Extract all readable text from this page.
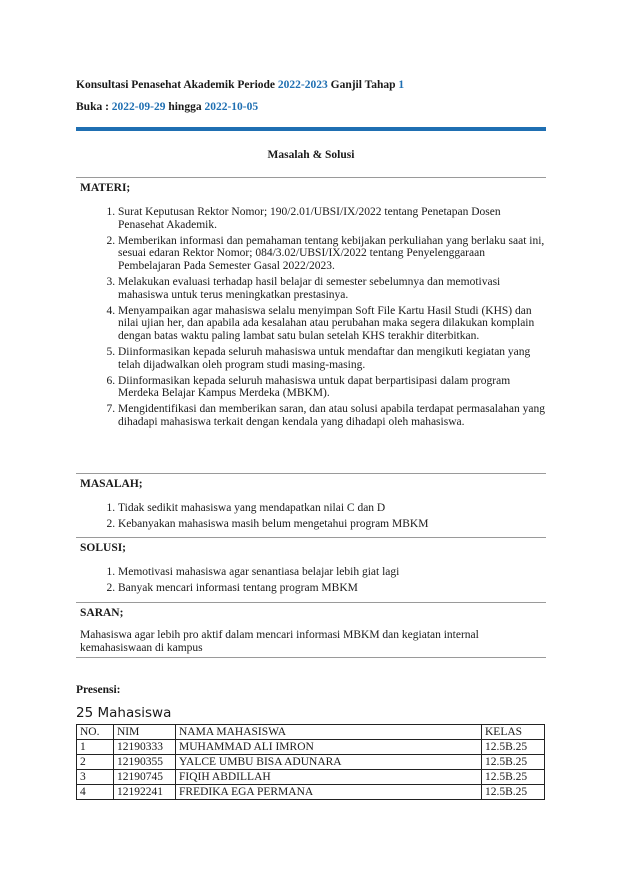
Konsultasi Penasehat Akademik Periode 2022-2023 Ganjil Tahap 1
Buka : 2022-09-29 hingga 2022-10-05
Masalah & Solusi
MATERI;
1. Surat Keputusan Rektor Nomor; 190/2.01/UBSI/IX/2022 tentang Penetapan Dosen Penasehat Akademik.
2. Memberikan informasi dan pemahaman tentang kebijakan perkuliahan yang berlaku saat ini, sesuai edaran Rektor Nomor; 084/3.02/UBSI/IX/2022 tentang Penyelenggaraan Pembelajaran Pada Semester Gasal 2022/2023.
3. Melakukan evaluasi terhadap hasil belajar di semester sebelumnya dan memotivasi mahasiswa untuk terus meningkatkan prestasinya.
4. Menyampaikan agar mahasiswa selalu menyimpan Soft File Kartu Hasil Studi (KHS) dan nilai ujian her, dan apabila ada kesalahan atau perubahan maka segera dilakukan komplain dengan batas waktu paling lambat satu bulan setelah KHS terakhir diterbitkan.
5. Diinformasikan kepada seluruh mahasiswa untuk mendaftar dan mengikuti kegiatan yang telah dijadwalkan oleh program studi masing-masing.
6. Diinformasikan kepada seluruh mahasiswa untuk dapat berpartisipasi dalam program Merdeka Belajar Kampus Merdeka (MBKM).
7. Mengidentifikasi dan memberikan saran, dan atau solusi apabila terdapat permasalahan yang dihadapi mahasiswa terkait dengan kendala yang dihadapi oleh mahasiswa.
MASALAH;
1. Tidak sedikit mahasiswa yang mendapatkan nilai C dan D
2. Kebanyakan mahasiswa masih belum mengetahui program MBKM
SOLUSI;
1. Memotivasi mahasiswa agar senantiasa belajar lebih giat lagi
2. Banyak mencari informasi tentang program MBKM
SARAN;
Mahasiswa agar lebih pro aktif dalam mencari informasi MBKM dan kegiatan internal kemahasiswaan di kampus
Presensi:
25 Mahasiswa
NO.	NIM	NAMA MAHASISWA	KELAS
1	12190333	MUHAMMAD ALI IMRON	12.5B.25
2	12190355	YALCE UMBU BISA ADUNARA	12.5B.25
3	12190745	FIQIH ABDILLAH	12.5B.25
4	12192241	FREDIKA EGA PERMANA	12.5B.25
